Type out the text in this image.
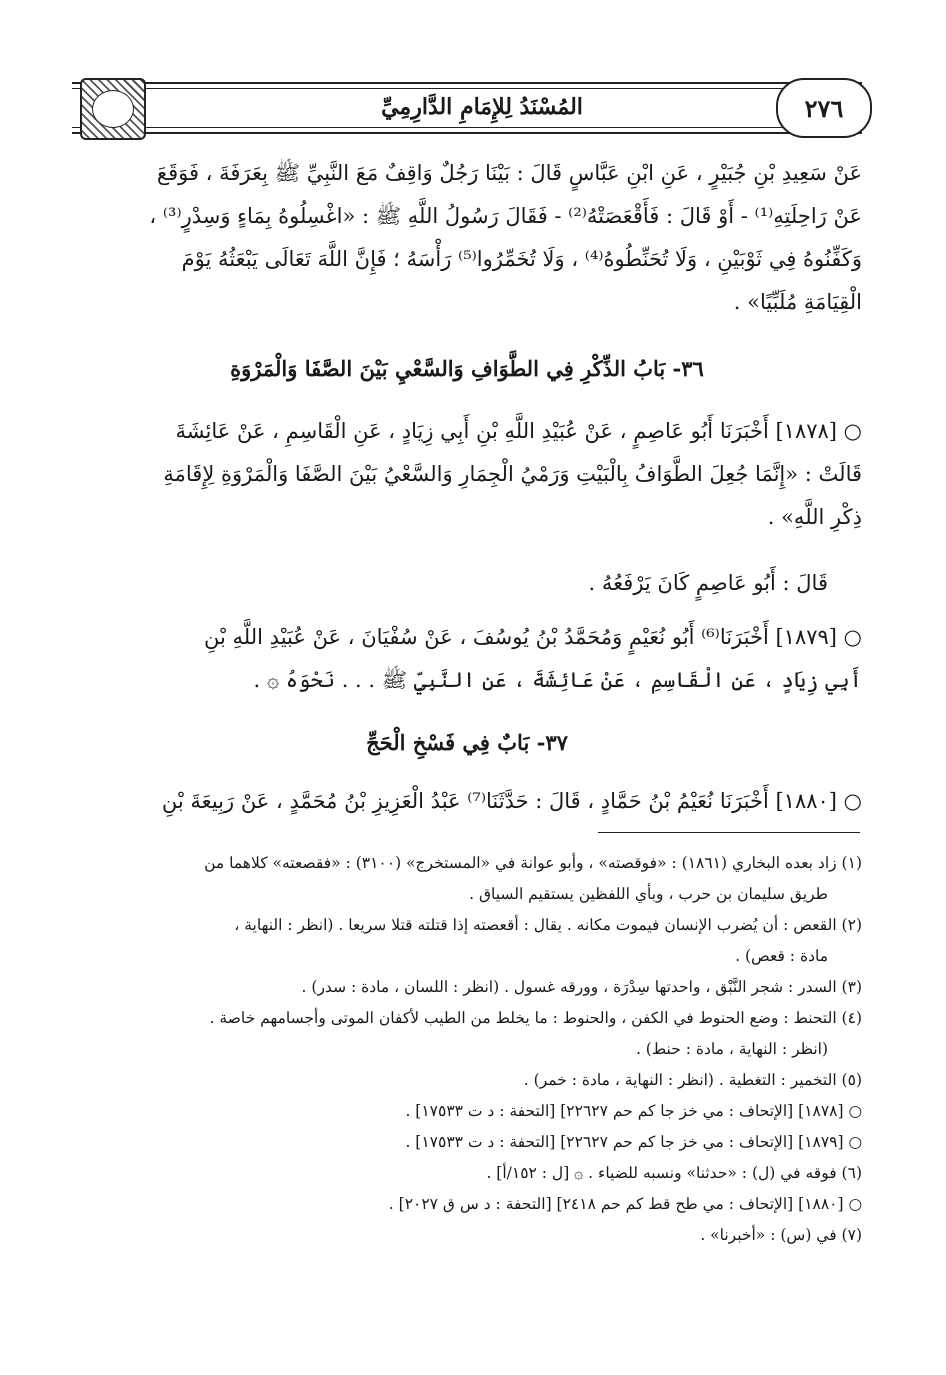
المُسْنَدُ لِلإِمَامِ الدَّارِمِيِّ	٢٧٦
عَنْ سَعِيدِ بْنِ جُبَيْرٍ ، عَنِ ابْنِ عَبَّاسٍ قَالَ : بَيْنَا رَجُلٌ وَاقِفٌ مَعَ النَّبِيِّ ﷺ بِعَرَفَةَ ، فَوَقَعَ
عَنْ رَاحِلَتِهِ⁽¹⁾ - أَوْ قَالَ : فَأَقْعَصَتْهُ⁽²⁾ - فَقَالَ رَسُولُ اللَّهِ ﷺ : «اغْسِلُوهُ بِمَاءٍ وَسِدْرٍ⁽³⁾ ،
وَكَفِّنُوهُ فِي ثَوْبَيْنِ ، وَلَا تُحَنِّطُوهُ⁽⁴⁾ ، وَلَا تُخَمِّرُوا⁽⁵⁾ رَأْسَهُ ؛ فَإِنَّ اللَّهَ تَعَالَى يَبْعَثُهُ يَوْمَ
الْقِيَامَةِ مُلَبِّيًا» .
٣٦- بَابُ الذِّكْرِ فِي الطَّوَافِ وَالسَّعْيِ بَيْنَ الصَّفَا وَالْمَرْوَةِ
○ [١٨٧٨] أَخْبَرَنَا أَبُو عَاصِمٍ ، عَنْ عُبَيْدِ اللَّهِ بْنِ أَبِي زِيَادٍ ، عَنِ الْقَاسِمِ ، عَنْ عَائِشَةَ
قَالَتْ : «إِنَّمَا جُعِلَ الطَّوَافُ بِالْبَيْتِ وَرَمْيُ الْجِمَارِ وَالسَّعْيُ بَيْنَ الصَّفَا وَالْمَرْوَةِ لِإِقَامَةِ
ذِكْرِ اللَّهِ» .
قَالَ : أَبُو عَاصِمٍ كَانَ يَرْفَعُهُ .
○ [١٨٧٩] أَخْبَرَنَا⁽⁶⁾ أَبُو نُعَيْمٍ وَمُحَمَّدُ بْنُ يُوسُفَ ، عَنْ سُفْيَانَ ، عَنْ عُبَيْدِ اللَّهِ بْنِ
أَبِي زِيَادٍ ، عَنِ الْقَاسِمِ ، عَنْ عَائِشَةَ ، عَنِ النَّبِيِّ ﷺ . . . نَحْوَهُ ۞ .
٣٧- بَابٌ فِي فَسْخِ الْحَجِّ
○ [١٨٨٠] أَخْبَرَنَا نُعَيْمُ بْنُ حَمَّادٍ ، قَالَ : حَدَّثَنَا⁽⁷⁾ عَبْدُ الْعَزِيزِ بْنُ مُحَمَّدٍ ، عَنْ رَبِيعَةَ بْنِ
(١) زاد بعده البخاري (١٨٦١) : «فوقصته» ، وأبو عوانة في «المستخرج» (٣١٠٠) : «فقصعته» كلاهما من
طريق سليمان بن حرب ، وبأي اللفظين يستقيم السياق .
(٢) القعص : أن يُضرب الإنسان فيموت مكانه . يقال : أقعصته إذا قتلته قتلا سريعا . (انظر : النهاية ،
مادة : قعص) .
(٣) السدر : شجر النَّبْق ، واحدتها سِدْرَة ، وورقه غسول . (انظر : اللسان ، مادة : سدر) .
(٤) التحنط : وضع الحنوط في الكفن ، والحنوط : ما يخلط من الطيب لأكفان الموتى وأجسامهم خاصة .
(انظر : النهاية ، مادة : حنط) .
(٥) التخمير : التغطية . (انظر : النهاية ، مادة : خمر) .
○ [١٨٧٨] [الإتحاف : مي خز جا كم حم ٢٢٦٢٧] [التحفة : د ت ١٧٥٣٣] .
○ [١٨٧٩] [الإتحاف : مي خز جا كم حم ٢٢٦٢٧] [التحفة : د ت ١٧٥٣٣] .
(٦) فوقه في (ل) : «حدثنا» ونسبه للضياء . ۞ [ل : ١٥٢/أ] .
○ [١٨٨٠] [الإتحاف : مي طح قط كم حم ٢٤١٨] [التحفة : د س ق ٢٠٢٧] .
(٧) في (س) : «أخبرنا» .
